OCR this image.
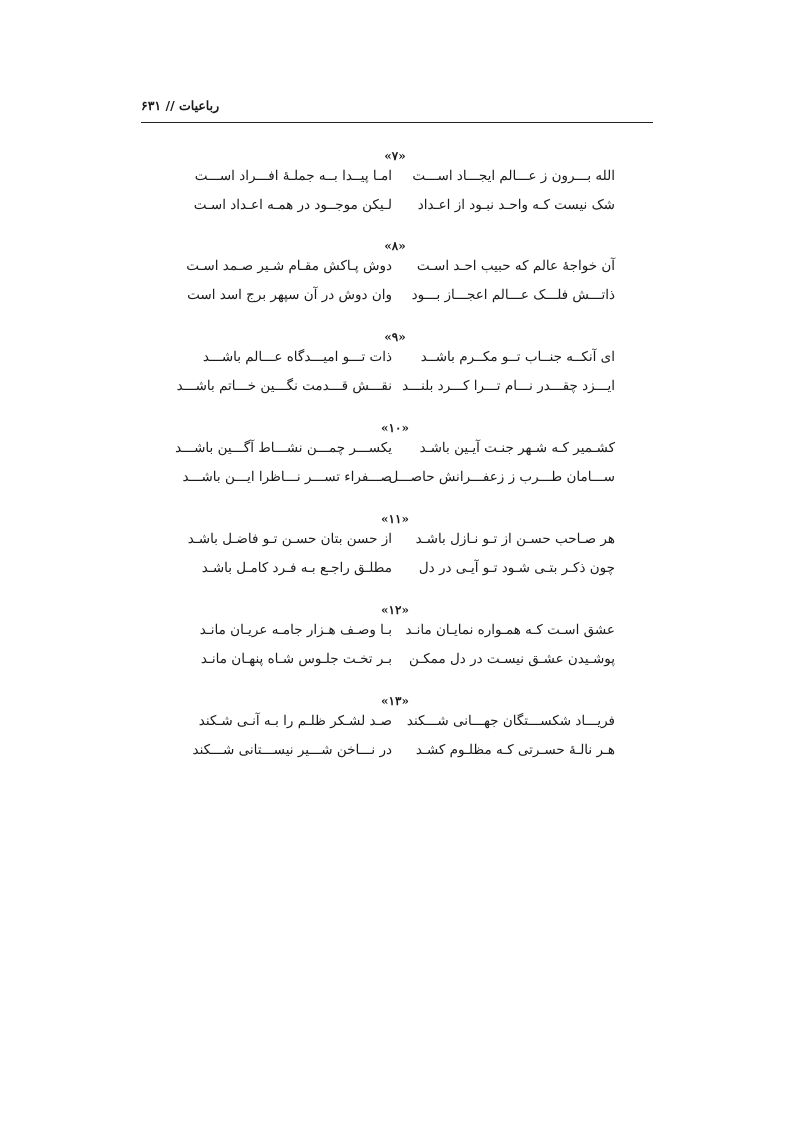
رباعیات // ۶۳۱
«۷»
الله بـــرون ز عـــالم ایجـــاد اســـت
امـا پیــدا بــه جملـهٔ افـــراد اســـت
شک نیست کـه واحـد نبـود از اعـداد
لـیکن موجــود در همـه اعـداد اسـت
«۸»
آن خواجهٔ عالم که حبیب احـد اسـت
دوش پـاکش مقـام شـیر صـمد اسـت
ذاتـــش فلـــک عـــالم اعجـــاز بـــود
وان دوش در آن سپهر برج اسد است
«۹»
ای آنکــه جنــاب تــو مکــرم باشــد
ذات تـــو امیـــدگاه عـــالم باشـــد
ایـــزد چقـــدر نـــام تـــرا کـــرد بلنـــد
نقـــش قـــدمت نگـــین خـــاتم باشـــد
«۱۰»
کشـمیر کـه شـهر جنـت آیـین باشـد
یکســـر چمـــن نشـــاط آگـــین باشـــد
ســـامان طـــرب ز زعفـــرانش حاصـــل
صـــفراء تســـر نـــاظرا ایـــن باشـــد
«۱۱»
هر صـاحب حسـن از تـو نـازل باشـد
از حسن بتان حسـن تـو فاضـل باشـد
چون ذکـر بتـی شـود تـو آیـی در دل
مطلـق راجـع بـه فـرد کامـل باشـد
«۱۲»
عشق اسـت کـه همـواره نمایـان مانـد
بـا وصـف هـزار جامـه عریـان مانـد
پوشـیدن عشـق نیسـت در دل ممکـن
بـر تخـت جلـوس شـاه پنهـان مانـد
«۱۳»
فریـــاد شکســـتگان جهـــانی شـــکند
صـد لشـکر ظلـم را بـه آنـی شـکند
هـر نالـهٔ حسـرتی کـه مظلـوم کشـد
در نـــاخن شـــیر نیســـتانی شـــکند
